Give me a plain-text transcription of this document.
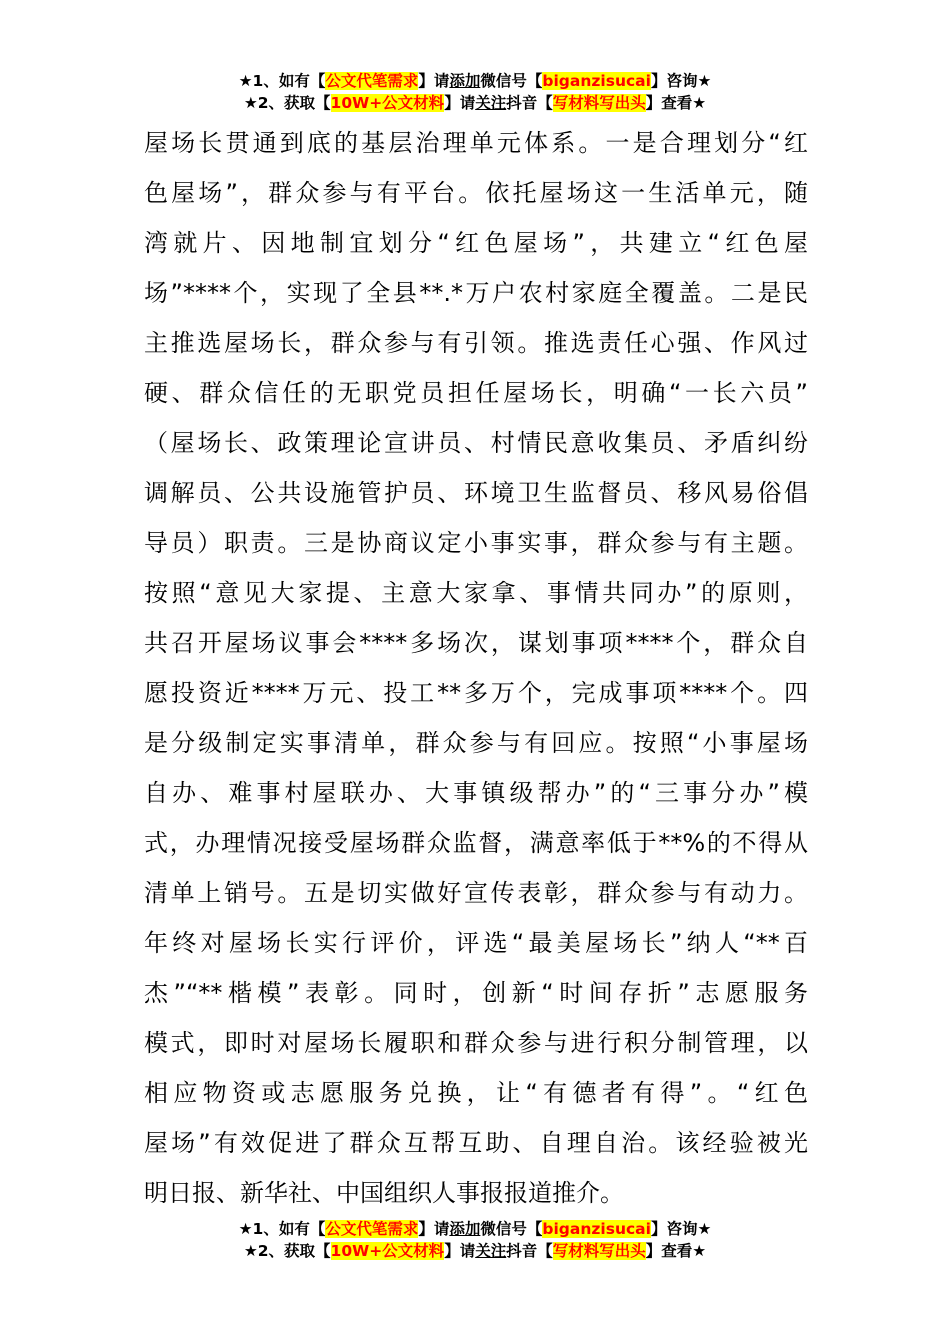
★1、如有【公文代笔需求】请添加微信号【biganzisucai】咨询★
★2、获取【10W+公文材料】请关注抖音【写材料写出头】查看★
屋场长贯通到底的基层治理单元体系。一是合理划分“红
色屋场”，群众参与有平台。依托屋场这一生活单元，随
湾就片、因地制宜划分“红色屋场”，共建立“红色屋
场”****个，实现了全县**.*万户农村家庭全覆盖。二是民
主推选屋场长，群众参与有引领。推选责任心强、作风过
硬、群众信任的无职党员担任屋场长，明确“一长六员”
（屋场长、政策理论宣讲员、村情民意收集员、矛盾纠纷
调解员、公共设施管护员、环境卫生监督员、移风易俗倡
导员）职责。三是协商议定小事实事，群众参与有主题。
按照“意见大家提、主意大家拿、事情共同办”的原则，
共召开屋场议事会****多场次，谋划事项****个，群众自
愿投资近****万元、投工**多万个，完成事项****个。四
是分级制定实事清单，群众参与有回应。按照“小事屋场
自办、难事村屋联办、大事镇级帮办”的“三事分办”模
式，办理情况接受屋场群众监督，满意率低于**%的不得从
清单上销号。五是切实做好宣传表彰，群众参与有动力。
年终对屋场长实行评价，评选“最美屋场长”纳人“**百
杰”“**楷模”表彰。同时，创新“时间存折”志愿服务
模式，即时对屋场长履职和群众参与进行积分制管理，以
相应物资或志愿服务兑换，让“有德者有得”。“红色
屋场”有效促进了群众互帮互助、自理自治。该经验被光
明日报、新华社、中国组织人事报报道推介。
★1、如有【公文代笔需求】请添加微信号【biganzisucai】咨询★
★2、获取【10W+公文材料】请关注抖音【写材料写出头】查看★
